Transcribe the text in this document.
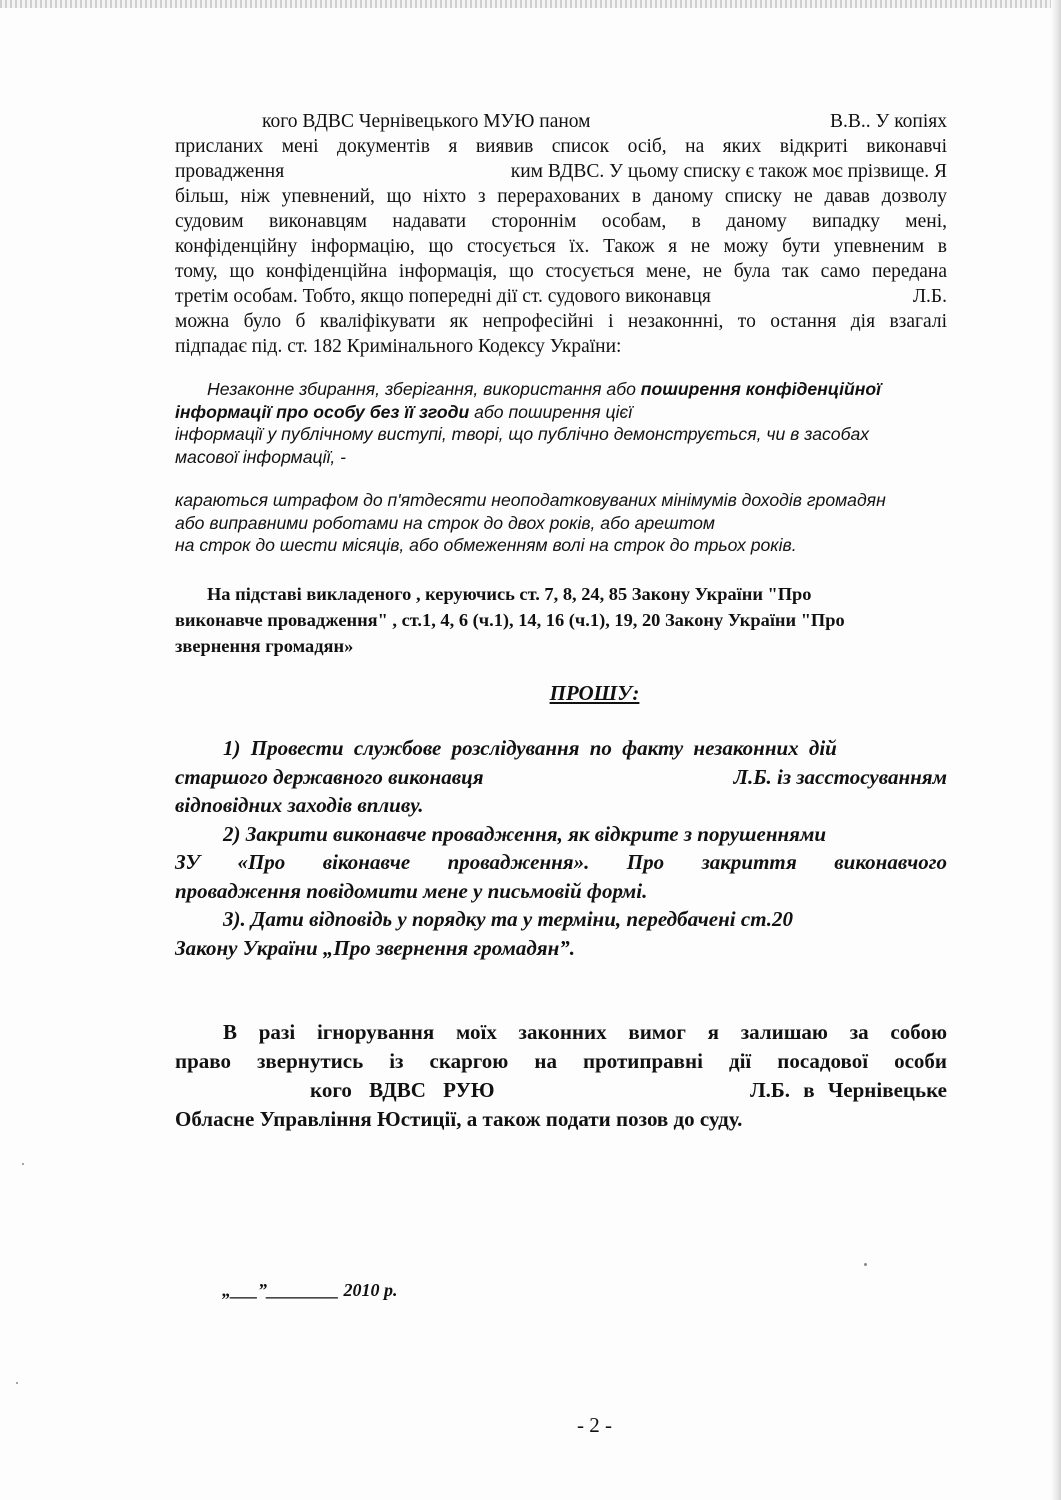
кого ВДВС Чернівецького МУЮ паном	В.В.. У копіях
присланих мені документів я виявив список осіб, на яких відкриті виконавчі
провадження	ким ВДВС. У цьому списку є також моє прізвище. Я
більш, ніж упевнений, що ніхто з перерахованих в даному списку не давав дозволу
судовим виконавцям надавати стороннім особам, в даному випадку мені,
конфіденційну інформацію, що стосується їх. Також я не можу бути упевненим в
тому, що конфіденційна інформація, що стосується мене, не була так само передана
третім особам. Тобто, якщо попередні дії ст. судового виконавця	Л.Б.
можна було б кваліфікувати як непрофесійні і незаконнні, то остання дія взагалі
підпадає під. ст. 182 Кримінального Кодексу України:
Незаконне збирання, зберігання, використання або поширення конфіденційної
інформації про особу без її згоди або поширення цієї
інформації у публічному виступі, творі, що публічно демонструється, чи в засобах
масової інформації, -
караються штрафом до п'ятдесяти неоподатковуваних мінімумів доходів громадян
або виправними роботами на строк до двох років, або арештом
на строк до шести місяців, або обмеженням волі на строк до трьох років.
На підставі викладеного , керуючись ст. 7, 8, 24, 85 Закону України "Про
виконавче провадження" , ст.1, 4, 6 (ч.1), 14, 16 (ч.1), 19, 20 Закону України "Про
звернення громадян»
ПРОШУ:
1) Провести службове розслідування по факту незаконних дій
старшого державного виконавця	Л.Б. із засстосуванням
відповідних заходів впливу.
2) Закрити виконавче провадження, як відкрите з порушеннями
ЗУ «Про віконавче провадження». Про закриття виконавчого
провадження повідомити мене у письмовій формі.
3). Дати відповідь у порядку та у терміни, передбачені ст.20
Закону України „Про звернення громадян”.
В разі ігнорування моїх законних вимог я залишаю за собою
право звернутись із скаргою на протиправні дії посадової особи
кого ВДВС РУЮ	Л.Б. в Чернівецьке
Обласне Управління Юстиції, а також подати позов до суду.
„___”________ 2010 р.
- 2 -
